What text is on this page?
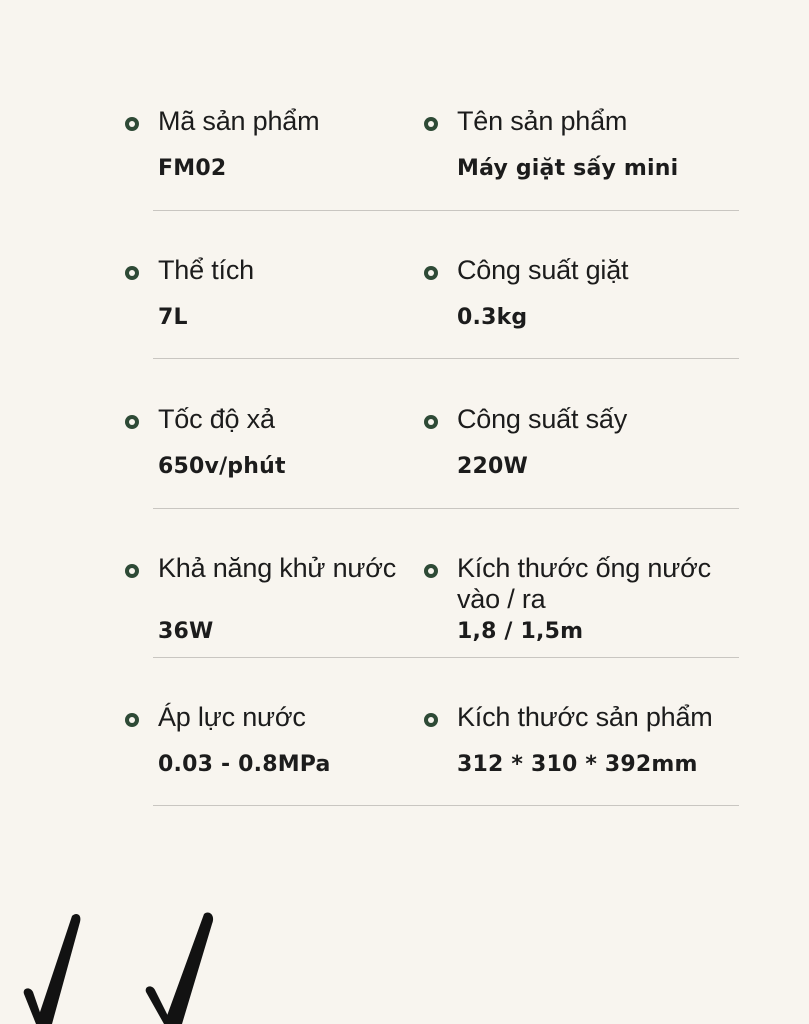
Mã sản phẩm
FM02
Tên sản phẩm
Máy giặt sấy mini
Thể tích
7L
Công suất giặt
0.3kg
Tốc độ xả
650v/phút
Công suất sấy
220W
Khả năng khử nước
36W
Kích thước ống nước
vào / ra
1,8 / 1,5m
Áp lực nước
0.03 - 0.8MPa
Kích thước sản phẩm
312 * 310 * 392mm
